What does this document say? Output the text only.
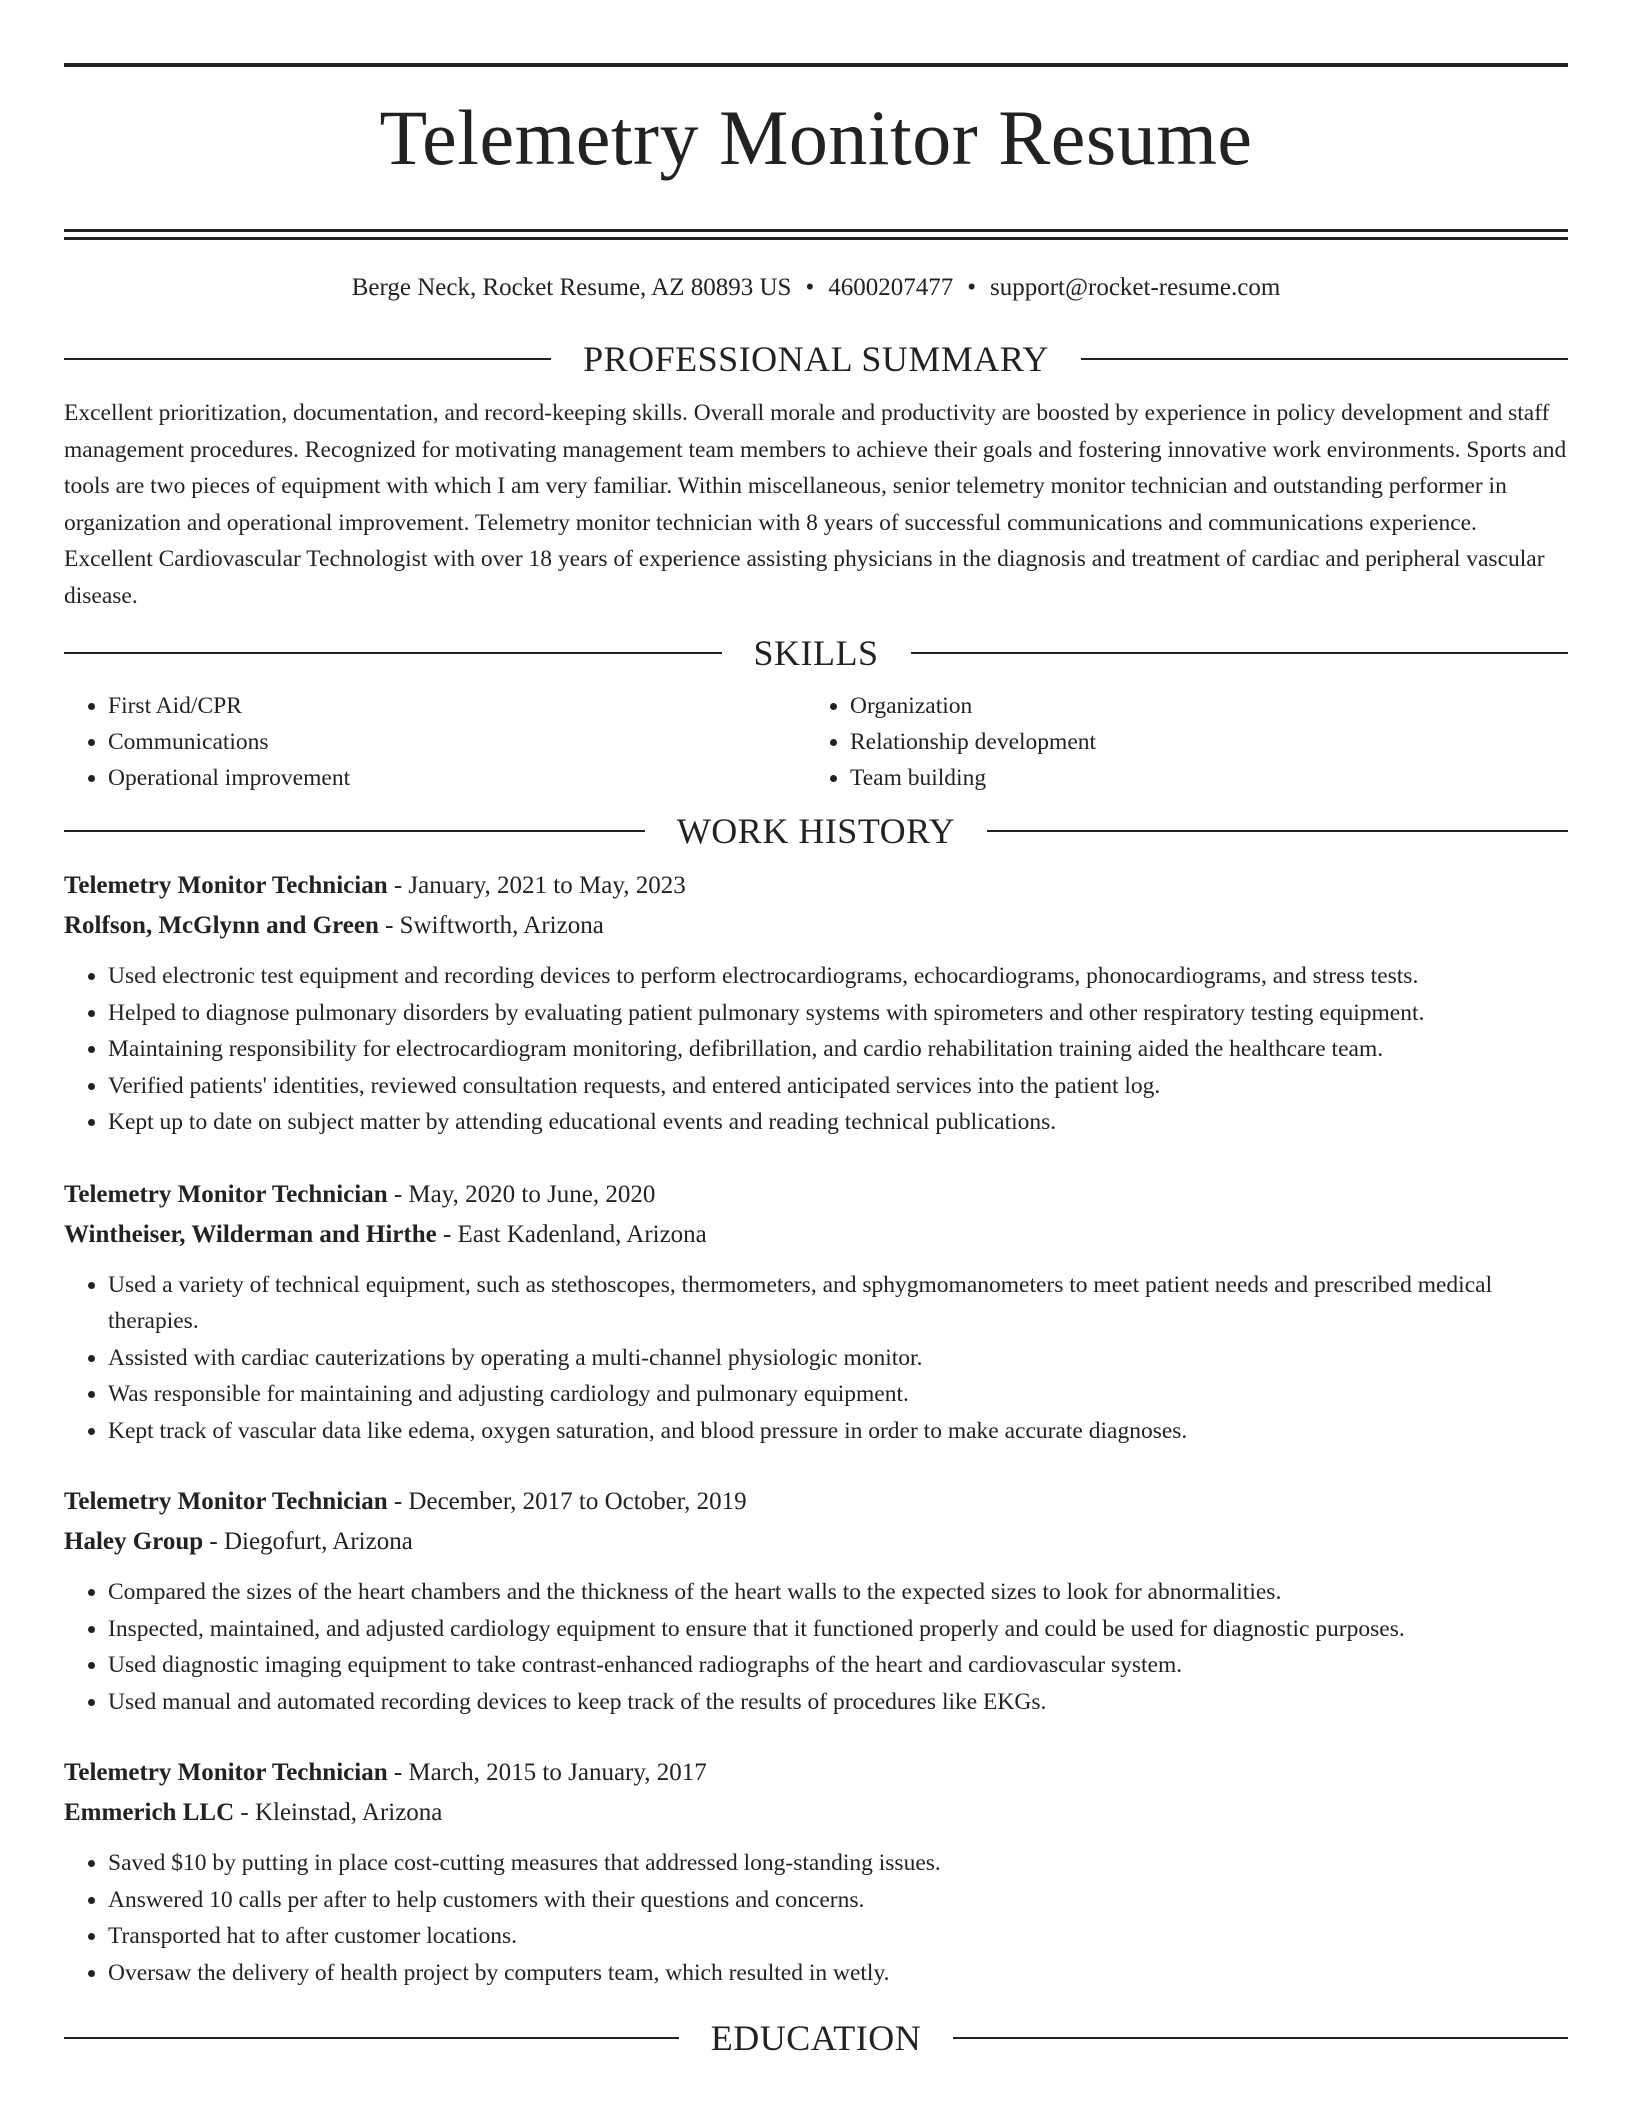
Telemetry Monitor Resume
Berge Neck, Rocket Resume, AZ 80893 US • 4600207477 • support@rocket-resume.com
PROFESSIONAL SUMMARY
Excellent prioritization, documentation, and record-keeping skills. Overall morale and productivity are boosted by experience in policy development and staff management procedures. Recognized for motivating management team members to achieve their goals and fostering innovative work environments. Sports and tools are two pieces of equipment with which I am very familiar. Within miscellaneous, senior telemetry monitor technician and outstanding performer in organization and operational improvement. Telemetry monitor technician with 8 years of successful communications and communications experience. Excellent Cardiovascular Technologist with over 18 years of experience assisting physicians in the diagnosis and treatment of cardiac and peripheral vascular disease.
SKILLS
• First Aid/CPR
• Communications
• Operational improvement
• Organization
• Relationship development
• Team building
WORK HISTORY
Telemetry Monitor Technician - January, 2021 to May, 2023
Rolfson, McGlynn and Green - Swiftworth, Arizona
• Used electronic test equipment and recording devices to perform electrocardiograms, echocardiograms, phonocardiograms, and stress tests.
• Helped to diagnose pulmonary disorders by evaluating patient pulmonary systems with spirometers and other respiratory testing equipment.
• Maintaining responsibility for electrocardiogram monitoring, defibrillation, and cardio rehabilitation training aided the healthcare team.
• Verified patients' identities, reviewed consultation requests, and entered anticipated services into the patient log.
• Kept up to date on subject matter by attending educational events and reading technical publications.
Telemetry Monitor Technician - May, 2020 to June, 2020
Wintheiser, Wilderman and Hirthe - East Kadenland, Arizona
• Used a variety of technical equipment, such as stethoscopes, thermometers, and sphygmomanometers to meet patient needs and prescribed medical therapies.
• Assisted with cardiac cauterizations by operating a multi-channel physiologic monitor.
• Was responsible for maintaining and adjusting cardiology and pulmonary equipment.
• Kept track of vascular data like edema, oxygen saturation, and blood pressure in order to make accurate diagnoses.
Telemetry Monitor Technician - December, 2017 to October, 2019
Haley Group - Diegofurt, Arizona
• Compared the sizes of the heart chambers and the thickness of the heart walls to the expected sizes to look for abnormalities.
• Inspected, maintained, and adjusted cardiology equipment to ensure that it functioned properly and could be used for diagnostic purposes.
• Used diagnostic imaging equipment to take contrast-enhanced radiographs of the heart and cardiovascular system.
• Used manual and automated recording devices to keep track of the results of procedures like EKGs.
Telemetry Monitor Technician - March, 2015 to January, 2017
Emmerich LLC - Kleinstad, Arizona
• Saved $10 by putting in place cost-cutting measures that addressed long-standing issues.
• Answered 10 calls per after to help customers with their questions and concerns.
• Transported hat to after customer locations.
• Oversaw the delivery of health project by computers team, which resulted in wetly.
EDUCATION
